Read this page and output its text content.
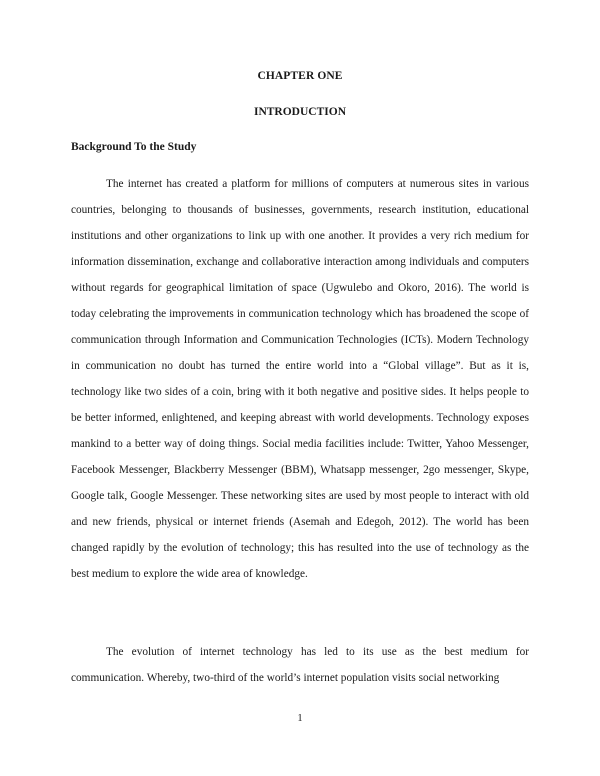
CHAPTER ONE
INTRODUCTION
Background To the Study

The internet has created a platform for millions of computers at numerous sites in various countries, belonging to thousands of businesses, governments, research institution, educational institutions and other organizations to link up with one another. It provides a very rich medium for information dissemination, exchange and collaborative interaction among individuals and computers without regards for geographical limitation of space (Ugwulebo and Okoro, 2016). The world is today celebrating the improvements in communication technology which has broadened the scope of communication through Information and Communication Technologies (ICTs). Modern Technology in communication no doubt has turned the entire world into a “Global village”. But as it is, technology like two sides of a coin, bring with it both negative and positive sides. It helps people to be better informed, enlightened, and keeping abreast with world developments. Technology exposes mankind to a better way of doing things. Social media facilities include: Twitter, Yahoo Messenger, Facebook Messenger, Blackberry Messenger (BBM), Whatsapp messenger, 2go messenger, Skype, Google talk, Google Messenger. These networking sites are used by most people to interact with old and new friends, physical or internet friends (Asemah and Edegoh, 2012). The world has been changed rapidly by the evolution of technology; this has resulted into the use of technology as the best medium to explore the wide area of knowledge.

The evolution of internet technology has led to its use as the best medium for communication. Whereby, two-third of the world’s internet population visits social networking

1
